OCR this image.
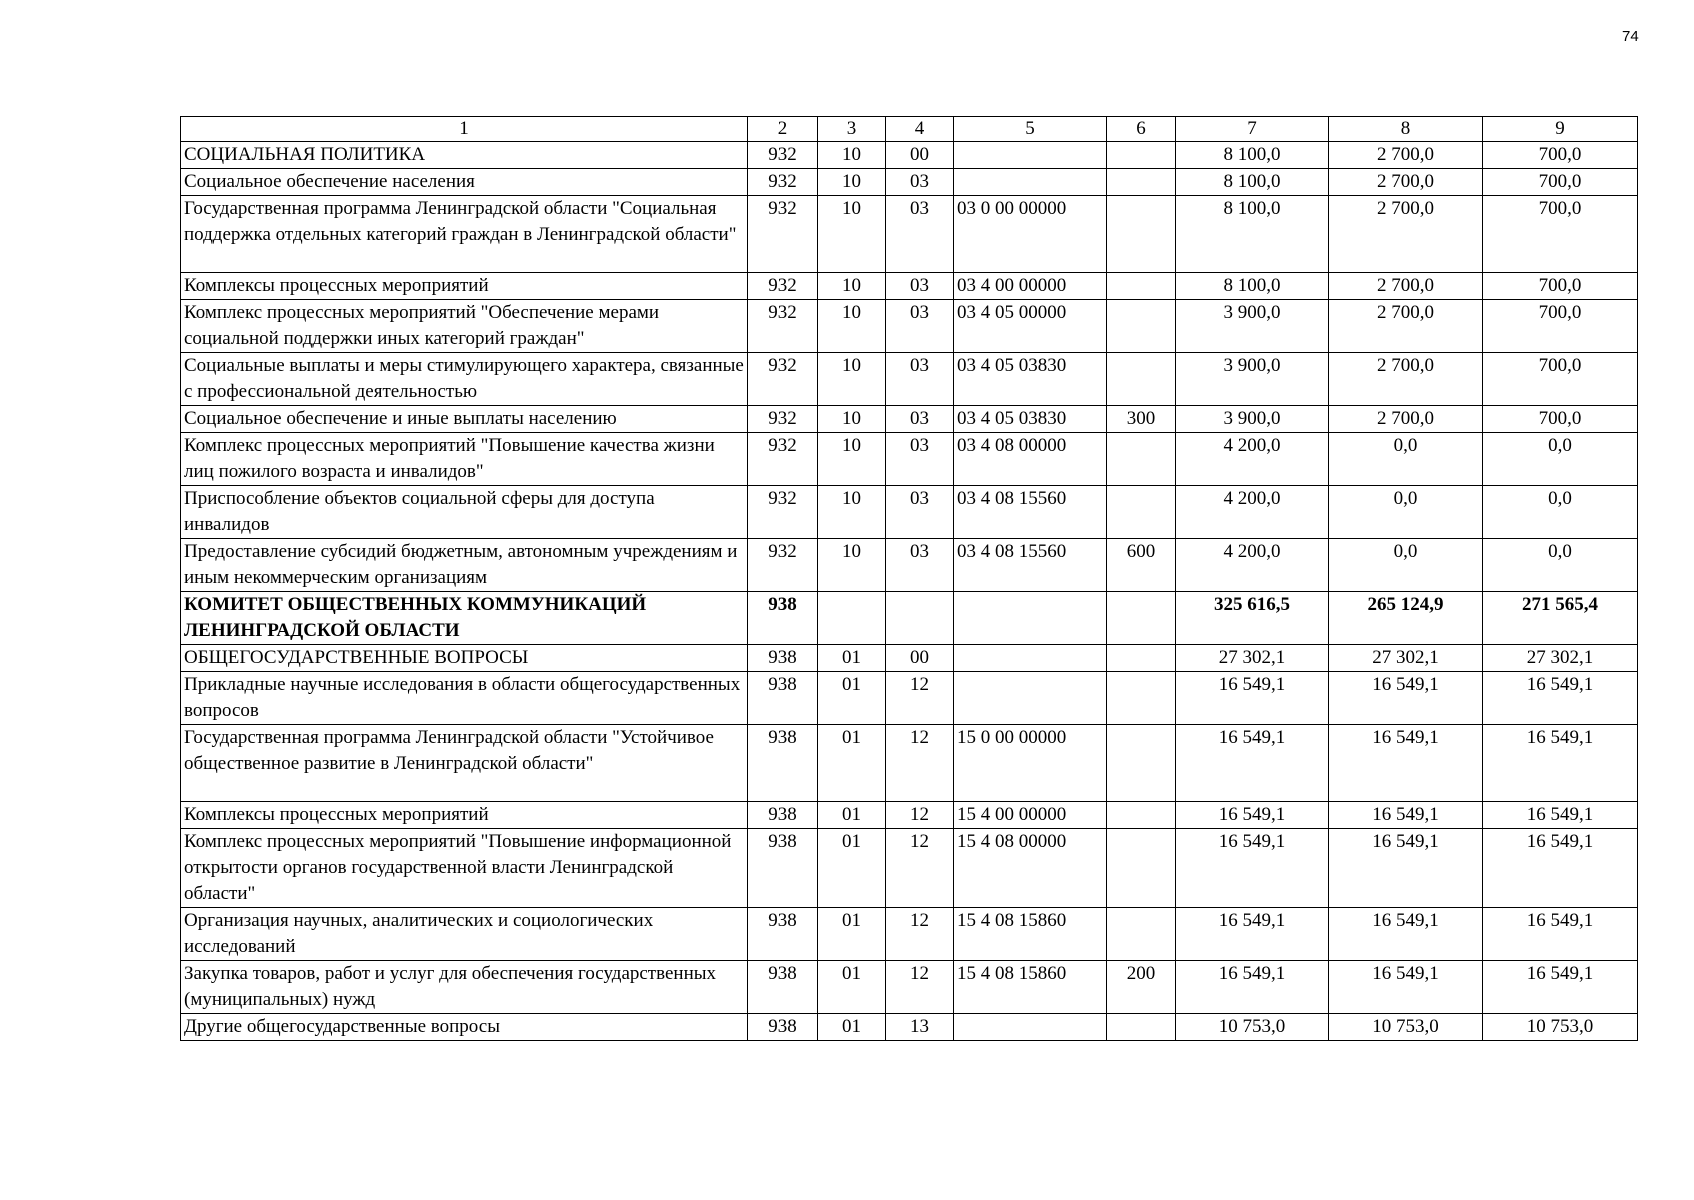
74
1	2	3	4	5	6	7	8	9
СОЦИАЛЬНАЯ ПОЛИТИКА	932	10	00			8 100,0	2 700,0	700,0
Социальное обеспечение населения	932	10	03			8 100,0	2 700,0	700,0
Государственная программа Ленинградской области "Социальная поддержка отдельных категорий граждан в Ленинградской области"	932	10	03	03 0 00 00000		8 100,0	2 700,0	700,0
Комплексы процессных мероприятий	932	10	03	03 4 00 00000		8 100,0	2 700,0	700,0
Комплекс процессных мероприятий "Обеспечение мерами социальной поддержки иных категорий граждан"	932	10	03	03 4 05 00000		3 900,0	2 700,0	700,0
Социальные выплаты и меры стимулирующего характера, связанные с профессиональной деятельностью	932	10	03	03 4 05 03830		3 900,0	2 700,0	700,0
Социальное обеспечение и иные выплаты населению	932	10	03	03 4 05 03830	300	3 900,0	2 700,0	700,0
Комплекс процессных мероприятий "Повышение качества жизни лиц пожилого возраста и инвалидов"	932	10	03	03 4 08 00000		4 200,0	0,0	0,0
Приспособление объектов социальной сферы для доступа инвалидов	932	10	03	03 4 08 15560		4 200,0	0,0	0,0
Предоставление субсидий бюджетным, автономным учреждениям и иным некоммерческим организациям	932	10	03	03 4 08 15560	600	4 200,0	0,0	0,0
КОМИТЕТ ОБЩЕСТВЕННЫХ КОММУНИКАЦИЙ ЛЕНИНГРАДСКОЙ ОБЛАСТИ	938					325 616,5	265 124,9	271 565,4
ОБЩЕГОСУДАРСТВЕННЫЕ ВОПРОСЫ	938	01	00			27 302,1	27 302,1	27 302,1
Прикладные научные исследования в области общегосударственных вопросов	938	01	12			16 549,1	16 549,1	16 549,1
Государственная программа Ленинградской области "Устойчивое общественное развитие в Ленинградской области"	938	01	12	15 0 00 00000		16 549,1	16 549,1	16 549,1
Комплексы процессных мероприятий	938	01	12	15 4 00 00000		16 549,1	16 549,1	16 549,1
Комплекс процессных мероприятий "Повышение информационной открытости органов государственной власти Ленинградской области"	938	01	12	15 4 08 00000		16 549,1	16 549,1	16 549,1
Организация научных, аналитических и социологических исследований	938	01	12	15 4 08 15860		16 549,1	16 549,1	16 549,1
Закупка товаров, работ и услуг для обеспечения государственных (муниципальных) нужд	938	01	12	15 4 08 15860	200	16 549,1	16 549,1	16 549,1
Другие общегосударственные вопросы	938	01	13			10 753,0	10 753,0	10 753,0
